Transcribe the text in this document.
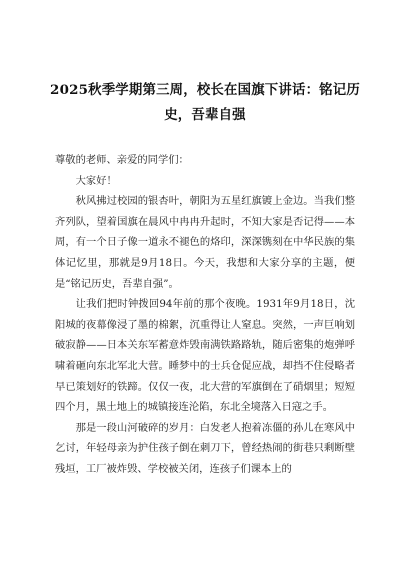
2025秋季学期第三周，校长在国旗下讲话：铭记历史，吾辈自强

尊敬的老师、亲爱的同学们：

大家好！

秋风拂过校园的银杏叶，朝阳为五星红旗镀上金边。当我们整齐列队，望着国旗在晨风中冉冉升起时，不知大家是否记得——本周，有一个日子像一道永不褪色的烙印，深深镌刻在中华民族的集体记忆里，那就是9月18日。今天，我想和大家分享的主题，便是“铭记历史，吾辈自强”。

让我们把时钟拨回94年前的那个夜晚。1931年9月18日，沈阳城的夜幕像浸了墨的棉絮，沉重得让人窒息。突然，一声巨响划破寂静——日本关东军蓄意炸毁南满铁路路轨，随后密集的炮弹呼啸着砸向东北军北大营。睡梦中的士兵仓促应战，却挡不住侵略者早已策划好的铁蹄。仅仅一夜，北大营的军旗倒在了硝烟里；短短四个月，黑土地上的城镇接连沦陷，东北全境落入日寇之手。

那是一段山河破碎的岁月：白发老人抱着冻僵的孙儿在寒风中乞讨，年轻母亲为护住孩子倒在刺刀下，曾经热闹的街巷只剩断壁残垣，工厂被炸毁、学校被关闭，连孩子们课本上的
